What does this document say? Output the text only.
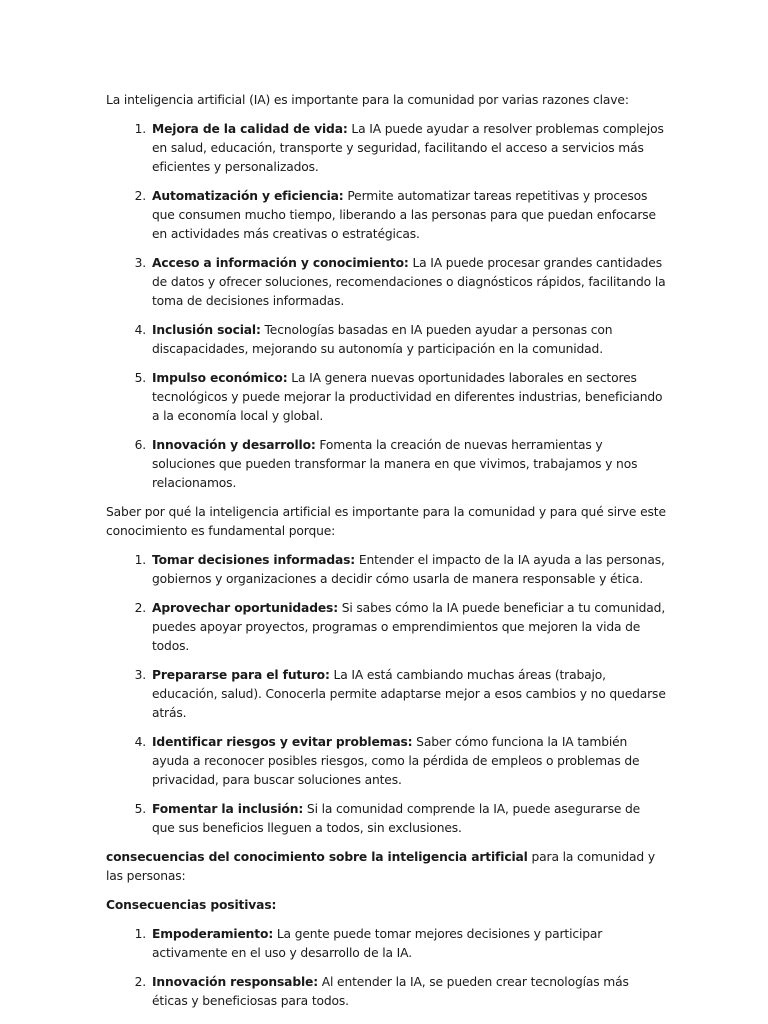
La inteligencia artificial (IA) es importante para la comunidad por varias razones clave:

1. Mejora de la calidad de vida: La IA puede ayudar a resolver problemas complejos en salud, educación, transporte y seguridad, facilitando el acceso a servicios más eficientes y personalizados.
2. Automatización y eficiencia: Permite automatizar tareas repetitivas y procesos que consumen mucho tiempo, liberando a las personas para que puedan enfocarse en actividades más creativas o estratégicas.
3. Acceso a información y conocimiento: La IA puede procesar grandes cantidades de datos y ofrecer soluciones, recomendaciones o diagnósticos rápidos, facilitando la toma de decisiones informadas.
4. Inclusión social: Tecnologías basadas en IA pueden ayudar a personas con discapacidades, mejorando su autonomía y participación en la comunidad.
5. Impulso económico: La IA genera nuevas oportunidades laborales en sectores tecnológicos y puede mejorar la productividad en diferentes industrias, beneficiando a la economía local y global.
6. Innovación y desarrollo: Fomenta la creación de nuevas herramientas y soluciones que pueden transformar la manera en que vivimos, trabajamos y nos relacionamos.

Saber por qué la inteligencia artificial es importante para la comunidad y para qué sirve este conocimiento es fundamental porque:

1. Tomar decisiones informadas: Entender el impacto de la IA ayuda a las personas, gobiernos y organizaciones a decidir cómo usarla de manera responsable y ética.
2. Aprovechar oportunidades: Si sabes cómo la IA puede beneficiar a tu comunidad, puedes apoyar proyectos, programas o emprendimientos que mejoren la vida de todos.
3. Prepararse para el futuro: La IA está cambiando muchas áreas (trabajo, educación, salud). Conocerla permite adaptarse mejor a esos cambios y no quedarse atrás.
4. Identificar riesgos y evitar problemas: Saber cómo funciona la IA también ayuda a reconocer posibles riesgos, como la pérdida de empleos o problemas de privacidad, para buscar soluciones antes.
5. Fomentar la inclusión: Si la comunidad comprende la IA, puede asegurarse de que sus beneficios lleguen a todos, sin exclusiones.

consecuencias del conocimiento sobre la inteligencia artificial para la comunidad y las personas:

Consecuencias positivas:

1. Empoderamiento: La gente puede tomar mejores decisiones y participar activamente en el uso y desarrollo de la IA.
2. Innovación responsable: Al entender la IA, se pueden crear tecnologías más éticas y beneficiosas para todos.
